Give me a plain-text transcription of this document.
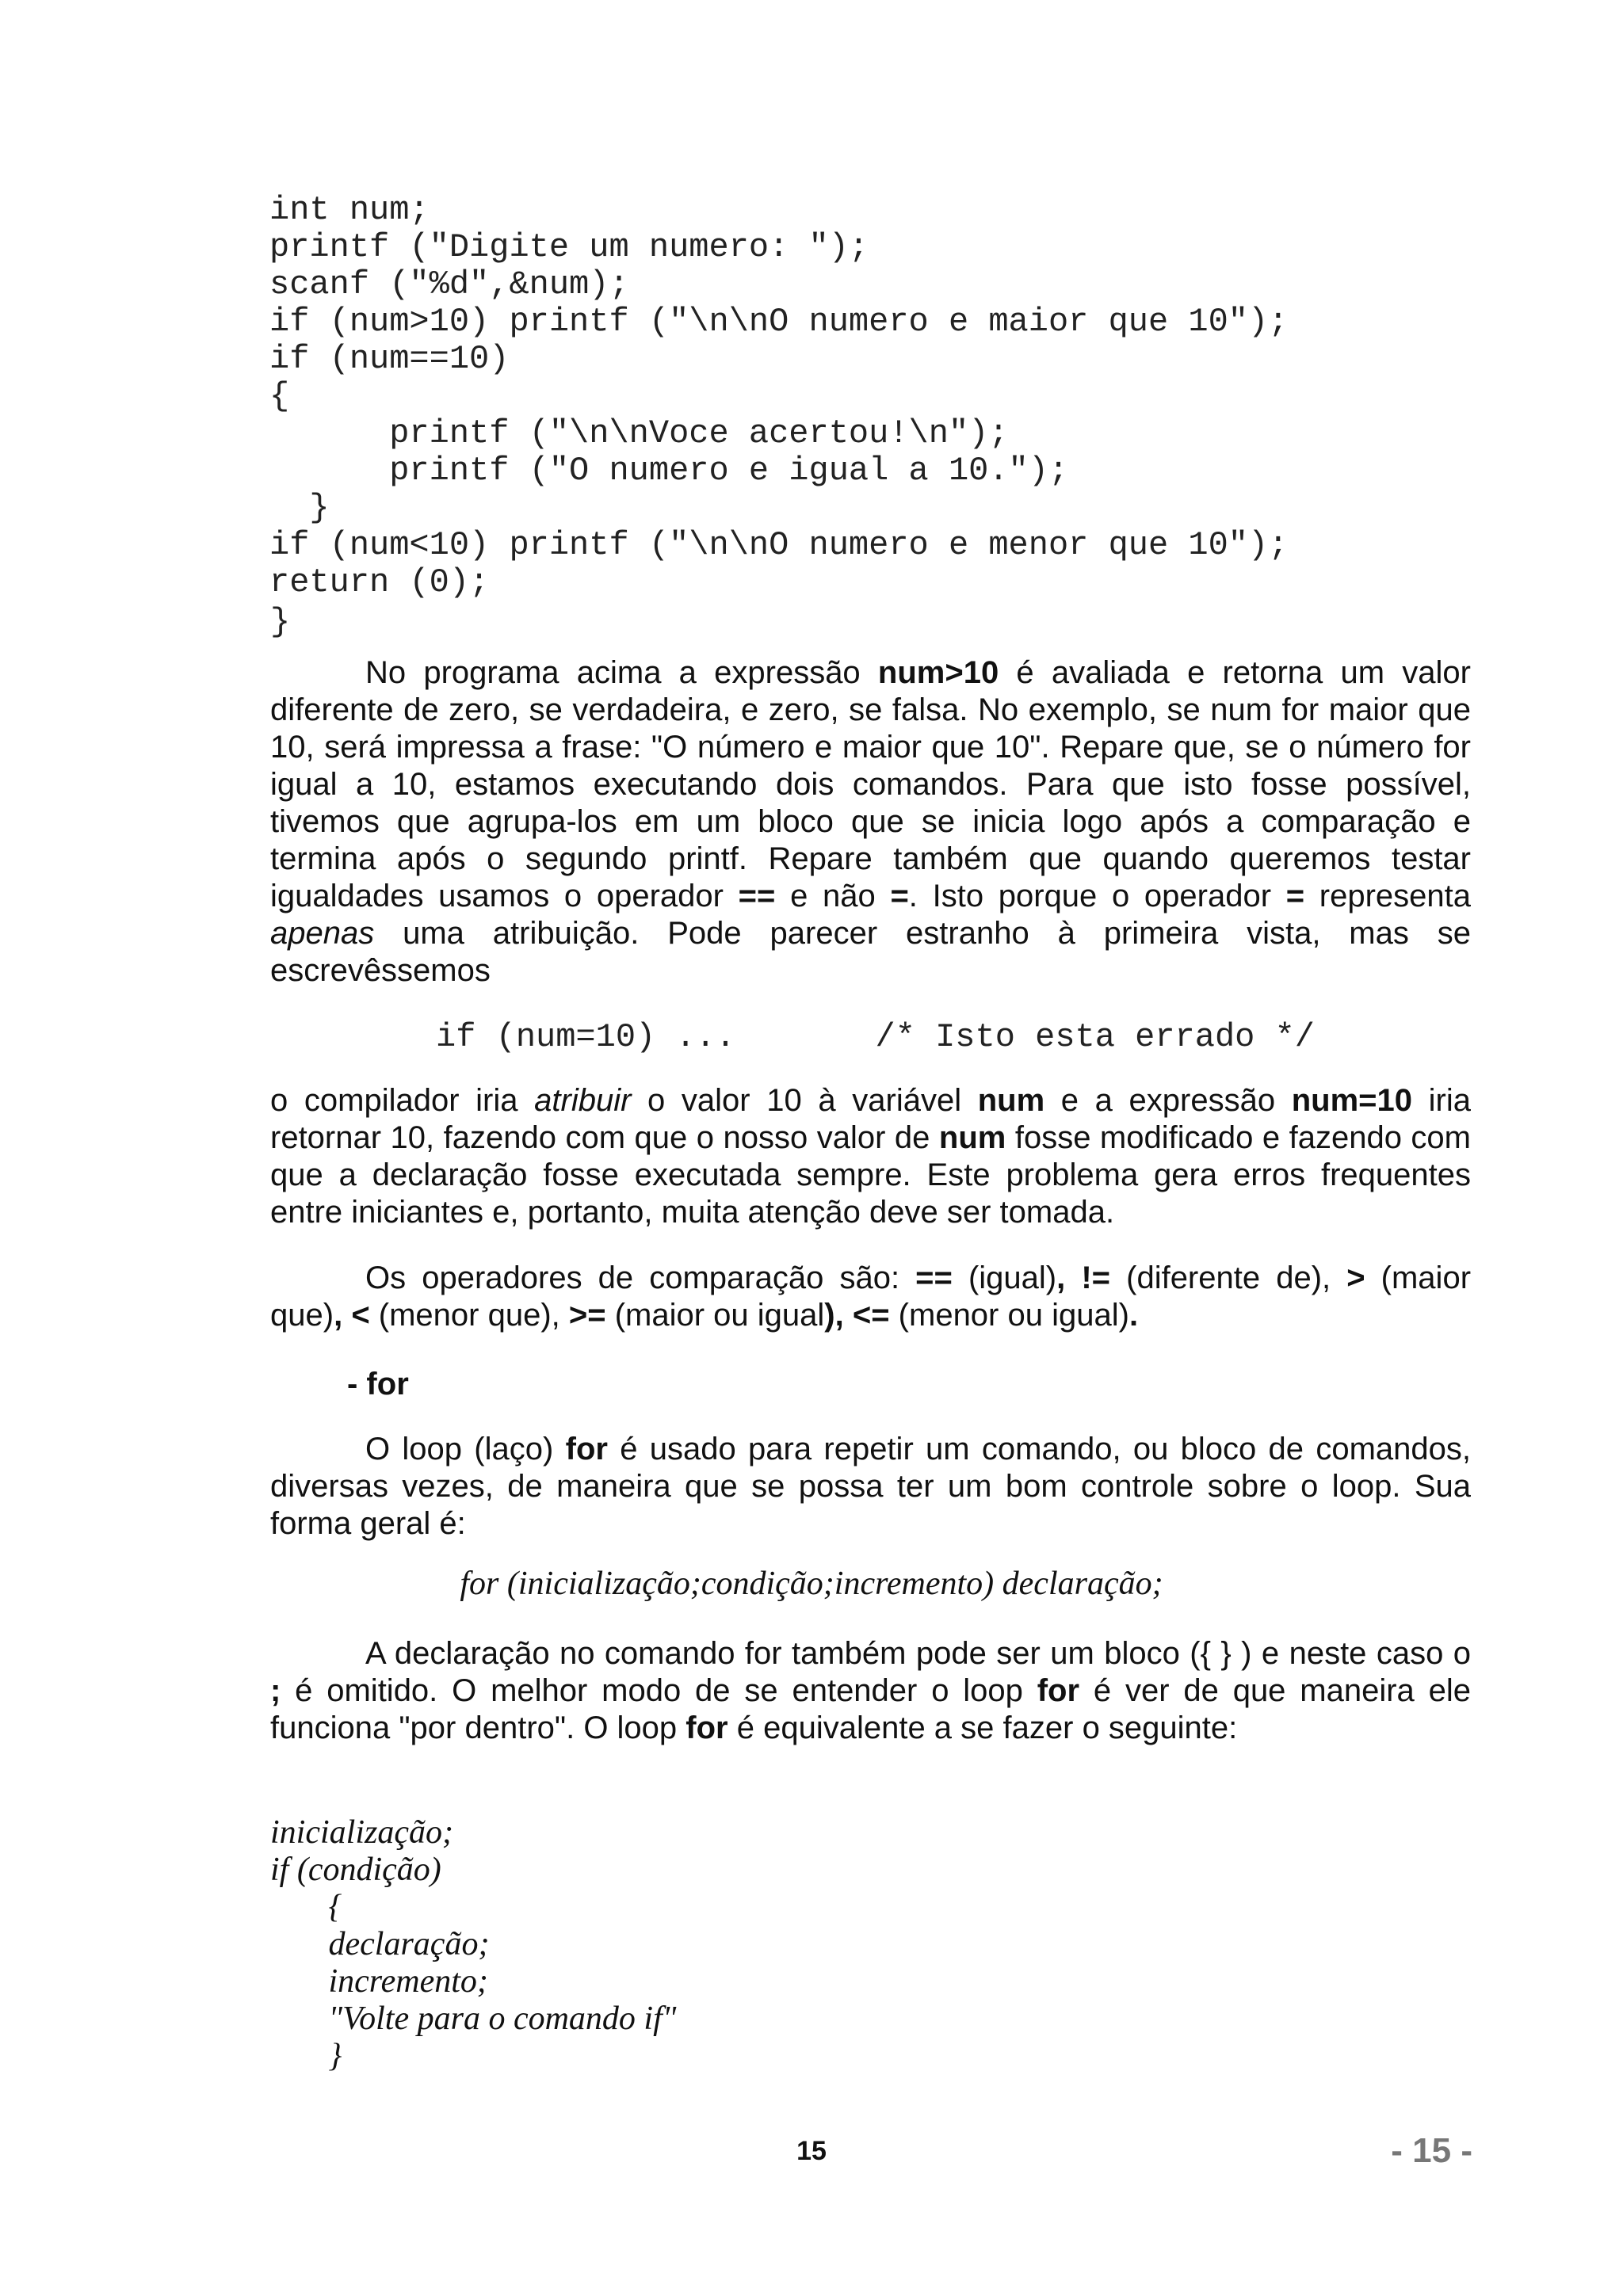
int num;
printf ("Digite um numero: ");
scanf ("%d",&num);
if (num>10) printf ("\n\nO numero e maior que 10");
if (num==10)
{
printf ("\n\nVoce acertou!\n");
printf ("O numero e igual a 10.");
}
if (num<10) printf ("\n\nO numero e menor que 10");
return (0);
}

No programa acima a expressão num>10 é avaliada e retorna um valor diferente de zero, se verdadeira, e zero, se falsa. No exemplo, se num for maior que 10, será impressa a frase: "O número e maior que 10". Repare que, se o número for igual a 10, estamos executando dois comandos. Para que isto fosse possível, tivemos que agrupa-los em um bloco que se inicia logo após a comparação e termina após o segundo printf. Repare também que quando queremos testar igualdades usamos o operador == e não =. Isto porque o operador = representa apenas uma atribuição. Pode parecer estranho à primeira vista, mas se escrevêssemos

if (num=10) ...       /* Isto esta errado */

o compilador iria atribuir o valor 10 à variável num e a expressão num=10 iria retornar 10, fazendo com que o nosso valor de num fosse modificado e fazendo com que a declaração fosse executada sempre. Este problema gera erros frequentes entre iniciantes e, portanto, muita atenção deve ser tomada.

Os operadores de comparação são: == (igual), != (diferente de), > (maior que), < (menor que), >= (maior ou igual), <= (menor ou igual).

- for

O loop (laço) for é usado para repetir um comando, ou bloco de comandos, diversas vezes, de maneira que se possa ter um bom controle sobre o loop. Sua forma geral é:

for (inicialização;condição;incremento) declaração;

A declaração no comando for também pode ser um bloco ({ } ) e neste caso o ; é omitido. O melhor modo de se entender o loop for é ver de que maneira ele funciona "por dentro". O loop for é equivalente a se fazer o seguinte:

inicialização;
if (condição)
{
declaração;
incremento;
"Volte para o comando if"
}
15	- 15 -
